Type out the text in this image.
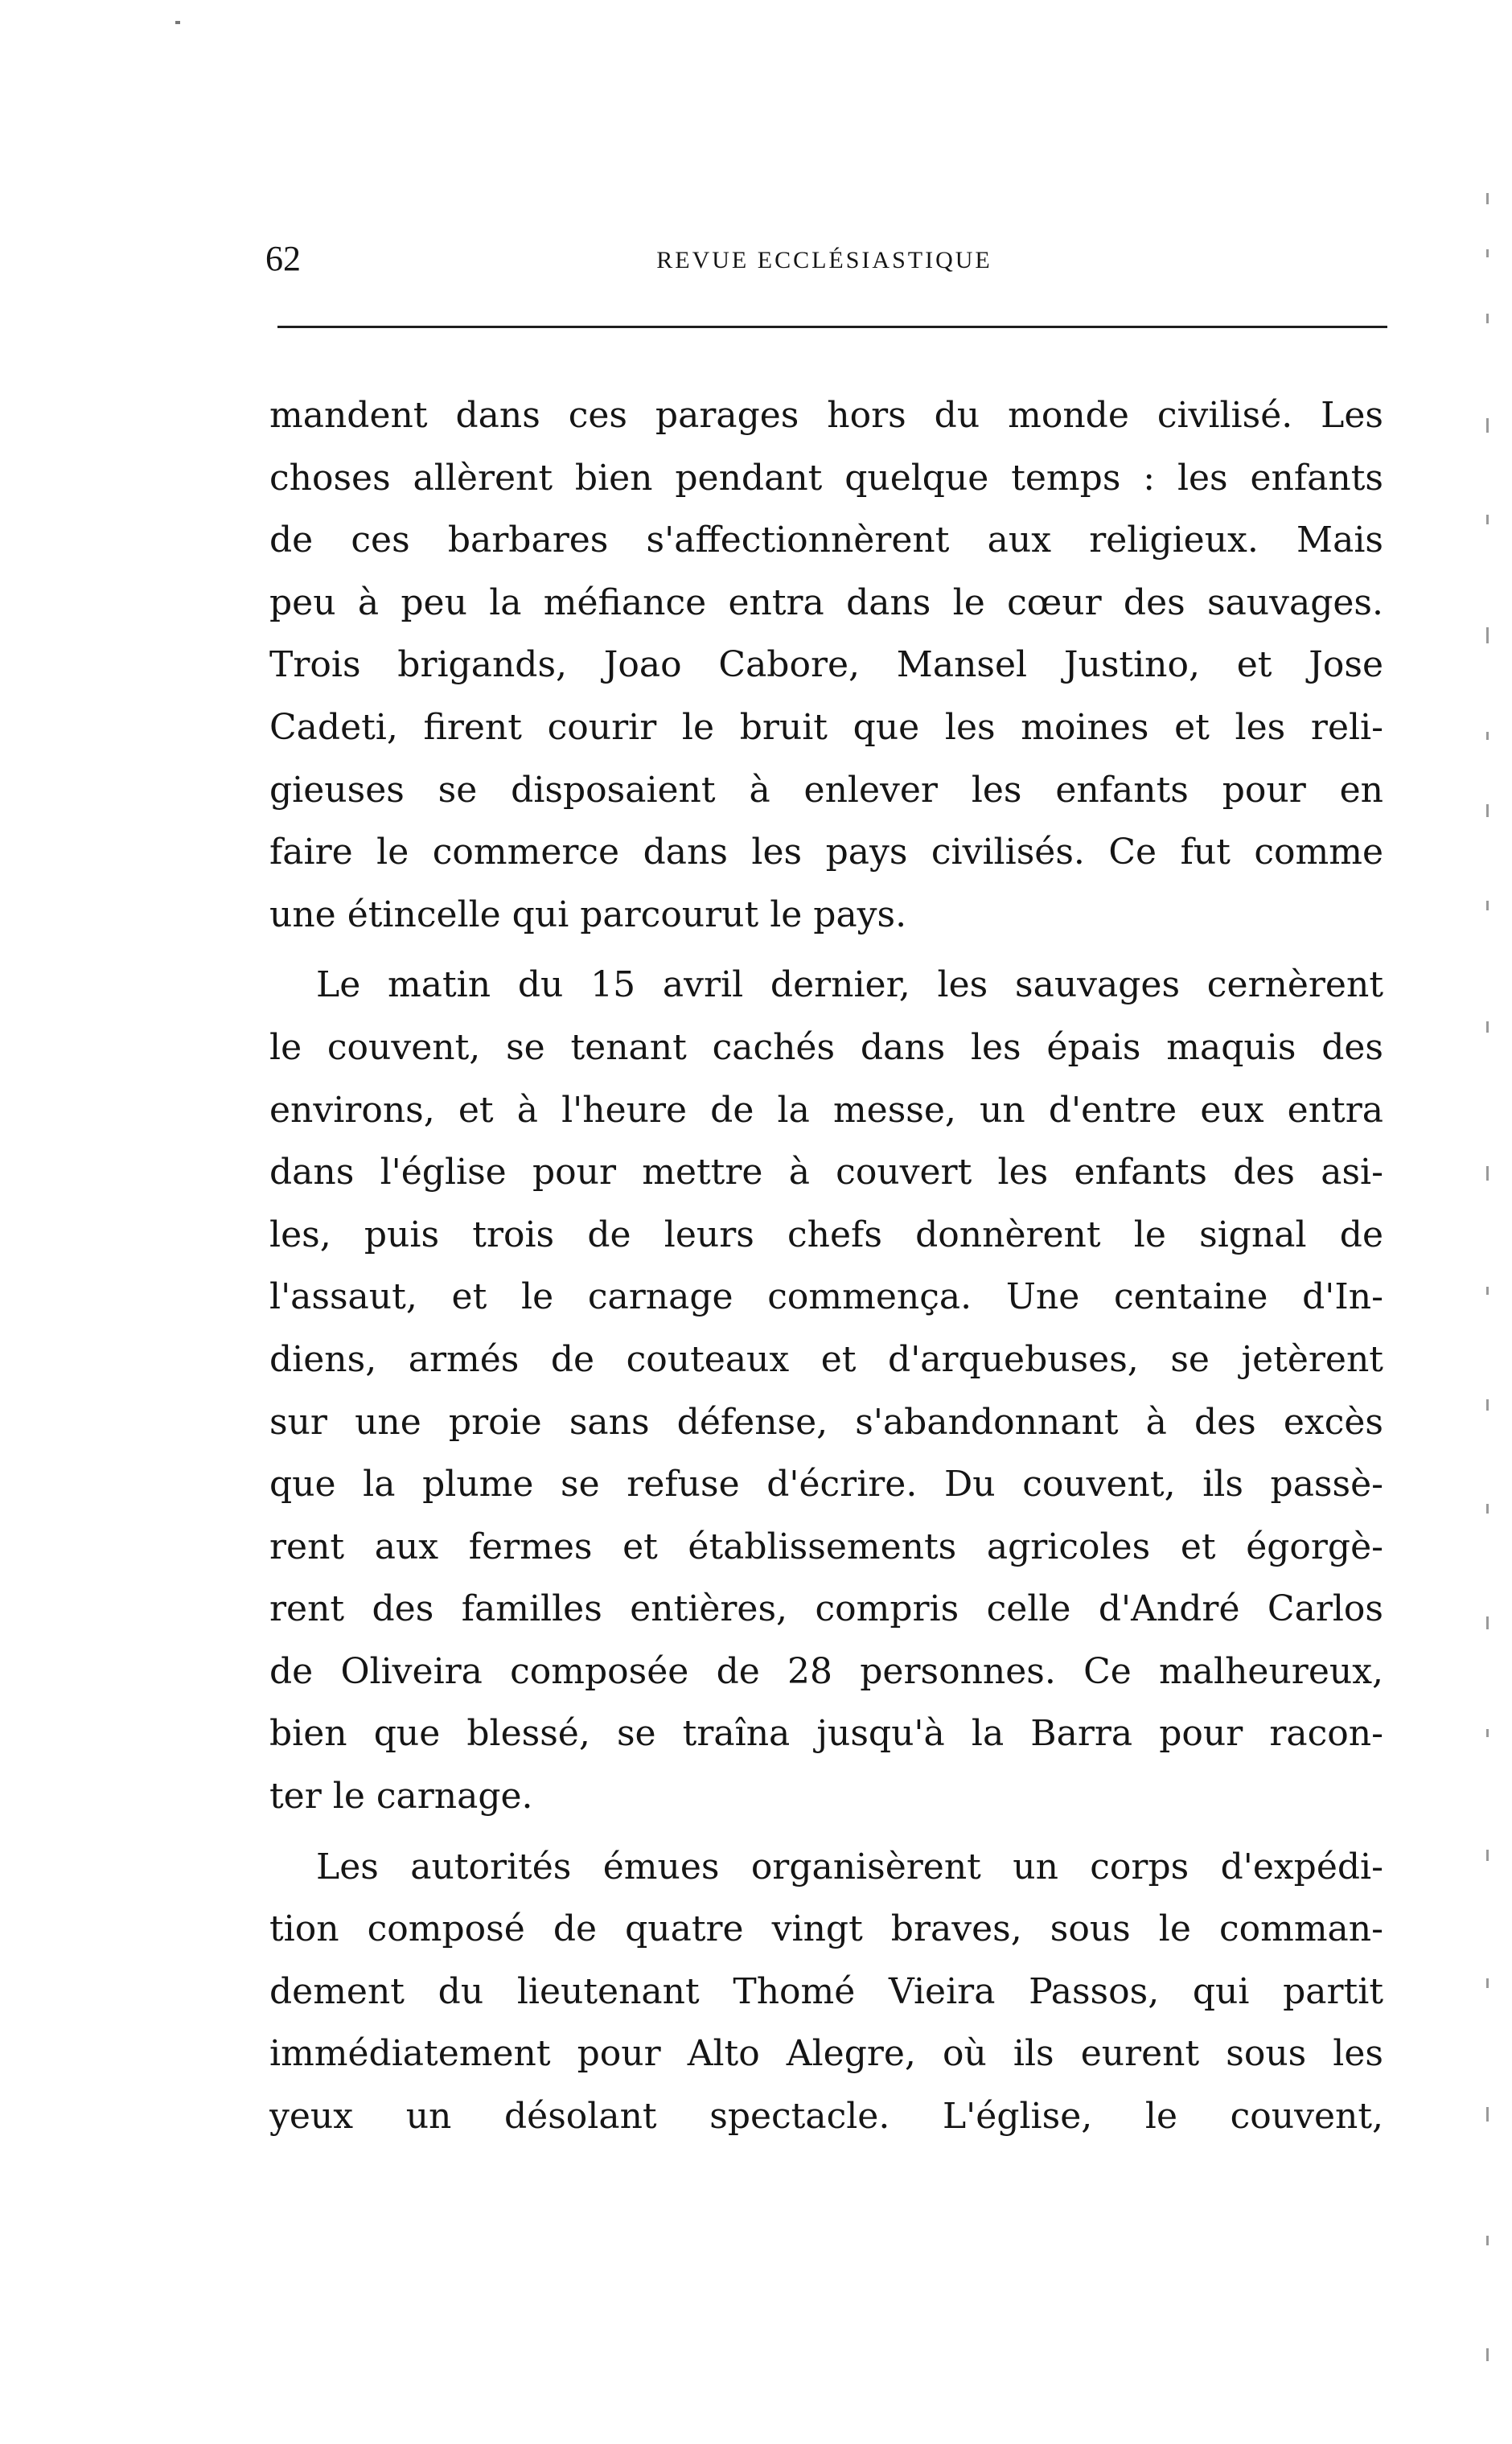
62	REVUE ECCLÉSIASTIQUE
mandent dans ces parages hors du monde civilisé. Les
choses allèrent bien pendant quelque temps : les enfants
de ces barbares s'affectionnèrent aux religieux. Mais
peu à peu la méfiance entra dans le cœur des sauvages.
Trois brigands, Joao Cabore, Mansel Justino, et Jose
Cadeti, firent courir le bruit que les moines et les reli-
gieuses se disposaient à enlever les enfants pour en
faire le commerce dans les pays civilisés. Ce fut comme
une étincelle qui parcourut le pays.
Le matin du 15 avril dernier, les sauvages cernèrent
le couvent, se tenant cachés dans les épais maquis des
environs, et à l'heure de la messe, un d'entre eux entra
dans l'église pour mettre à couvert les enfants des asi-
les, puis trois de leurs chefs donnèrent le signal de
l'assaut, et le carnage commença. Une centaine d'In-
diens, armés de couteaux et d'arquebuses, se jetèrent
sur une proie sans défense, s'abandonnant à des excès
que la plume se refuse d'écrire. Du couvent, ils passè-
rent aux fermes et établissements agricoles et égorgè-
rent des familles entières, compris celle d'André Carlos
de Oliveira composée de 28 personnes. Ce malheureux,
bien que blessé, se traîna jusqu'à la Barra pour racon-
ter le carnage.
Les autorités émues organisèrent un corps d'expédi-
tion composé de quatre vingt braves, sous le comman-
dement du lieutenant Thomé Vieira Passos, qui partit
immédiatement pour Alto Alegre, où ils eurent sous les
yeux un désolant spectacle. L'église, le couvent,
